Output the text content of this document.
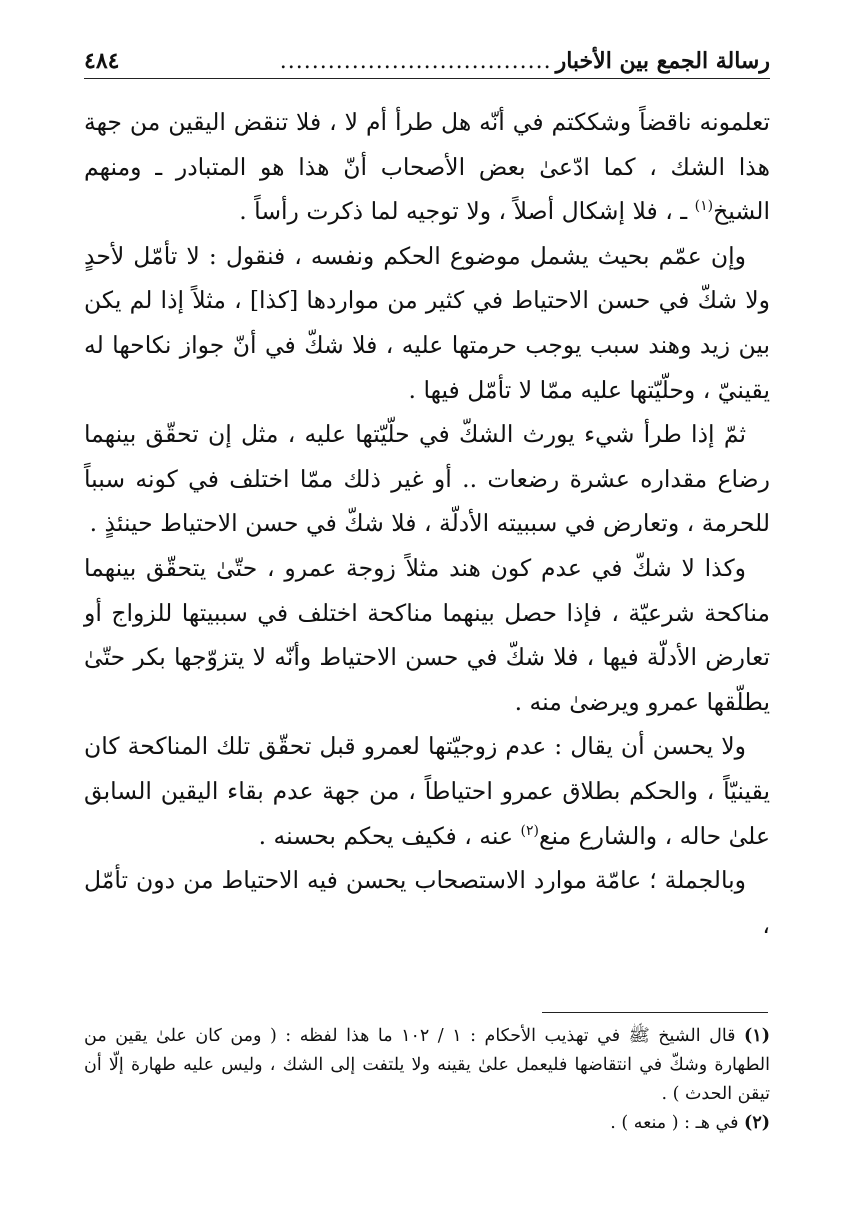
رسالة الجمع بين الأخبار
..................................
٤٨٤

تعلمونه ناقضاً وشككتم في أنّه هل طرأ أم لا ، فلا تنقض اليقين من جهة هذا الشك ، كما ادّعىٰ بعض الأصحاب أنّ هذا هو المتبادر ـ ومنهم الشيخ$^{(١)}$ ـ ، فلا إشكال أصلاً ، ولا توجيه لما ذكرت رأساً .

وإن عمّم بحيث يشمل موضوع الحكم ونفسه ، فنقول : لا تأمّل لأحدٍ ولا شكّ في حسن الاحتياط في كثير من مواردها [كذا] ، مثلاً إذا لم يكن بين زيد وهند سبب يوجب حرمتها عليه ، فلا شكّ في أنّ جواز نكاحها له يقينيّ ، وحلّيّتها عليه ممّا لا تأمّل فيها .

ثمّ إذا طرأ شيء يورث الشكّ في حلّيّتها عليه ، مثل إن تحقّق بينهما رضاع مقداره عشرة رضعات .. أو غير ذلك ممّا اختلف في كونه سبباً للحرمة ، وتعارض في سببيته الأدلّة ، فلا شكّ في حسن الاحتياط حينئذٍ .

وكذا لا شكّ في عدم كون هند مثلاً زوجة عمرو ، حتّىٰ يتحقّق بينهما مناكحة شرعيّة ، فإذا حصل بينهما مناكحة اختلف في سببيتها للزواج أو تعارض الأدلّة فيها ، فلا شكّ في حسن الاحتياط وأنّه لا يتزوّجها بكر حتّىٰ يطلّقها عمرو ويرضىٰ منه .

ولا يحسن أن يقال : عدم زوجيّتها لعمرو قبل تحقّق تلك المناكحة كان يقينيّاً ، والحكم بطلاق عمرو احتياطاً ، من جهة عدم بقاء اليقين السابق علىٰ حاله ، والشارع منع$^{(٢)}$ عنه ، فكيف يحكم بحسنه .

وبالجملة ؛ عامّة موارد الاستصحاب يحسن فيه الاحتياط من دون تأمّل ،

(١) قال الشيخ ﷺ في تهذيب الأحكام : ١ / ١٠٢ ما هذا لفظه : ( ومن كان علىٰ يقين من الطهارة وشكّ في انتقاضها فليعمل علىٰ يقينه ولا يلتفت إلى الشك ، وليس عليه طهارة إلّا أن تيقن الحدث ) .

(٢) في هـ : ( منعه ) .
